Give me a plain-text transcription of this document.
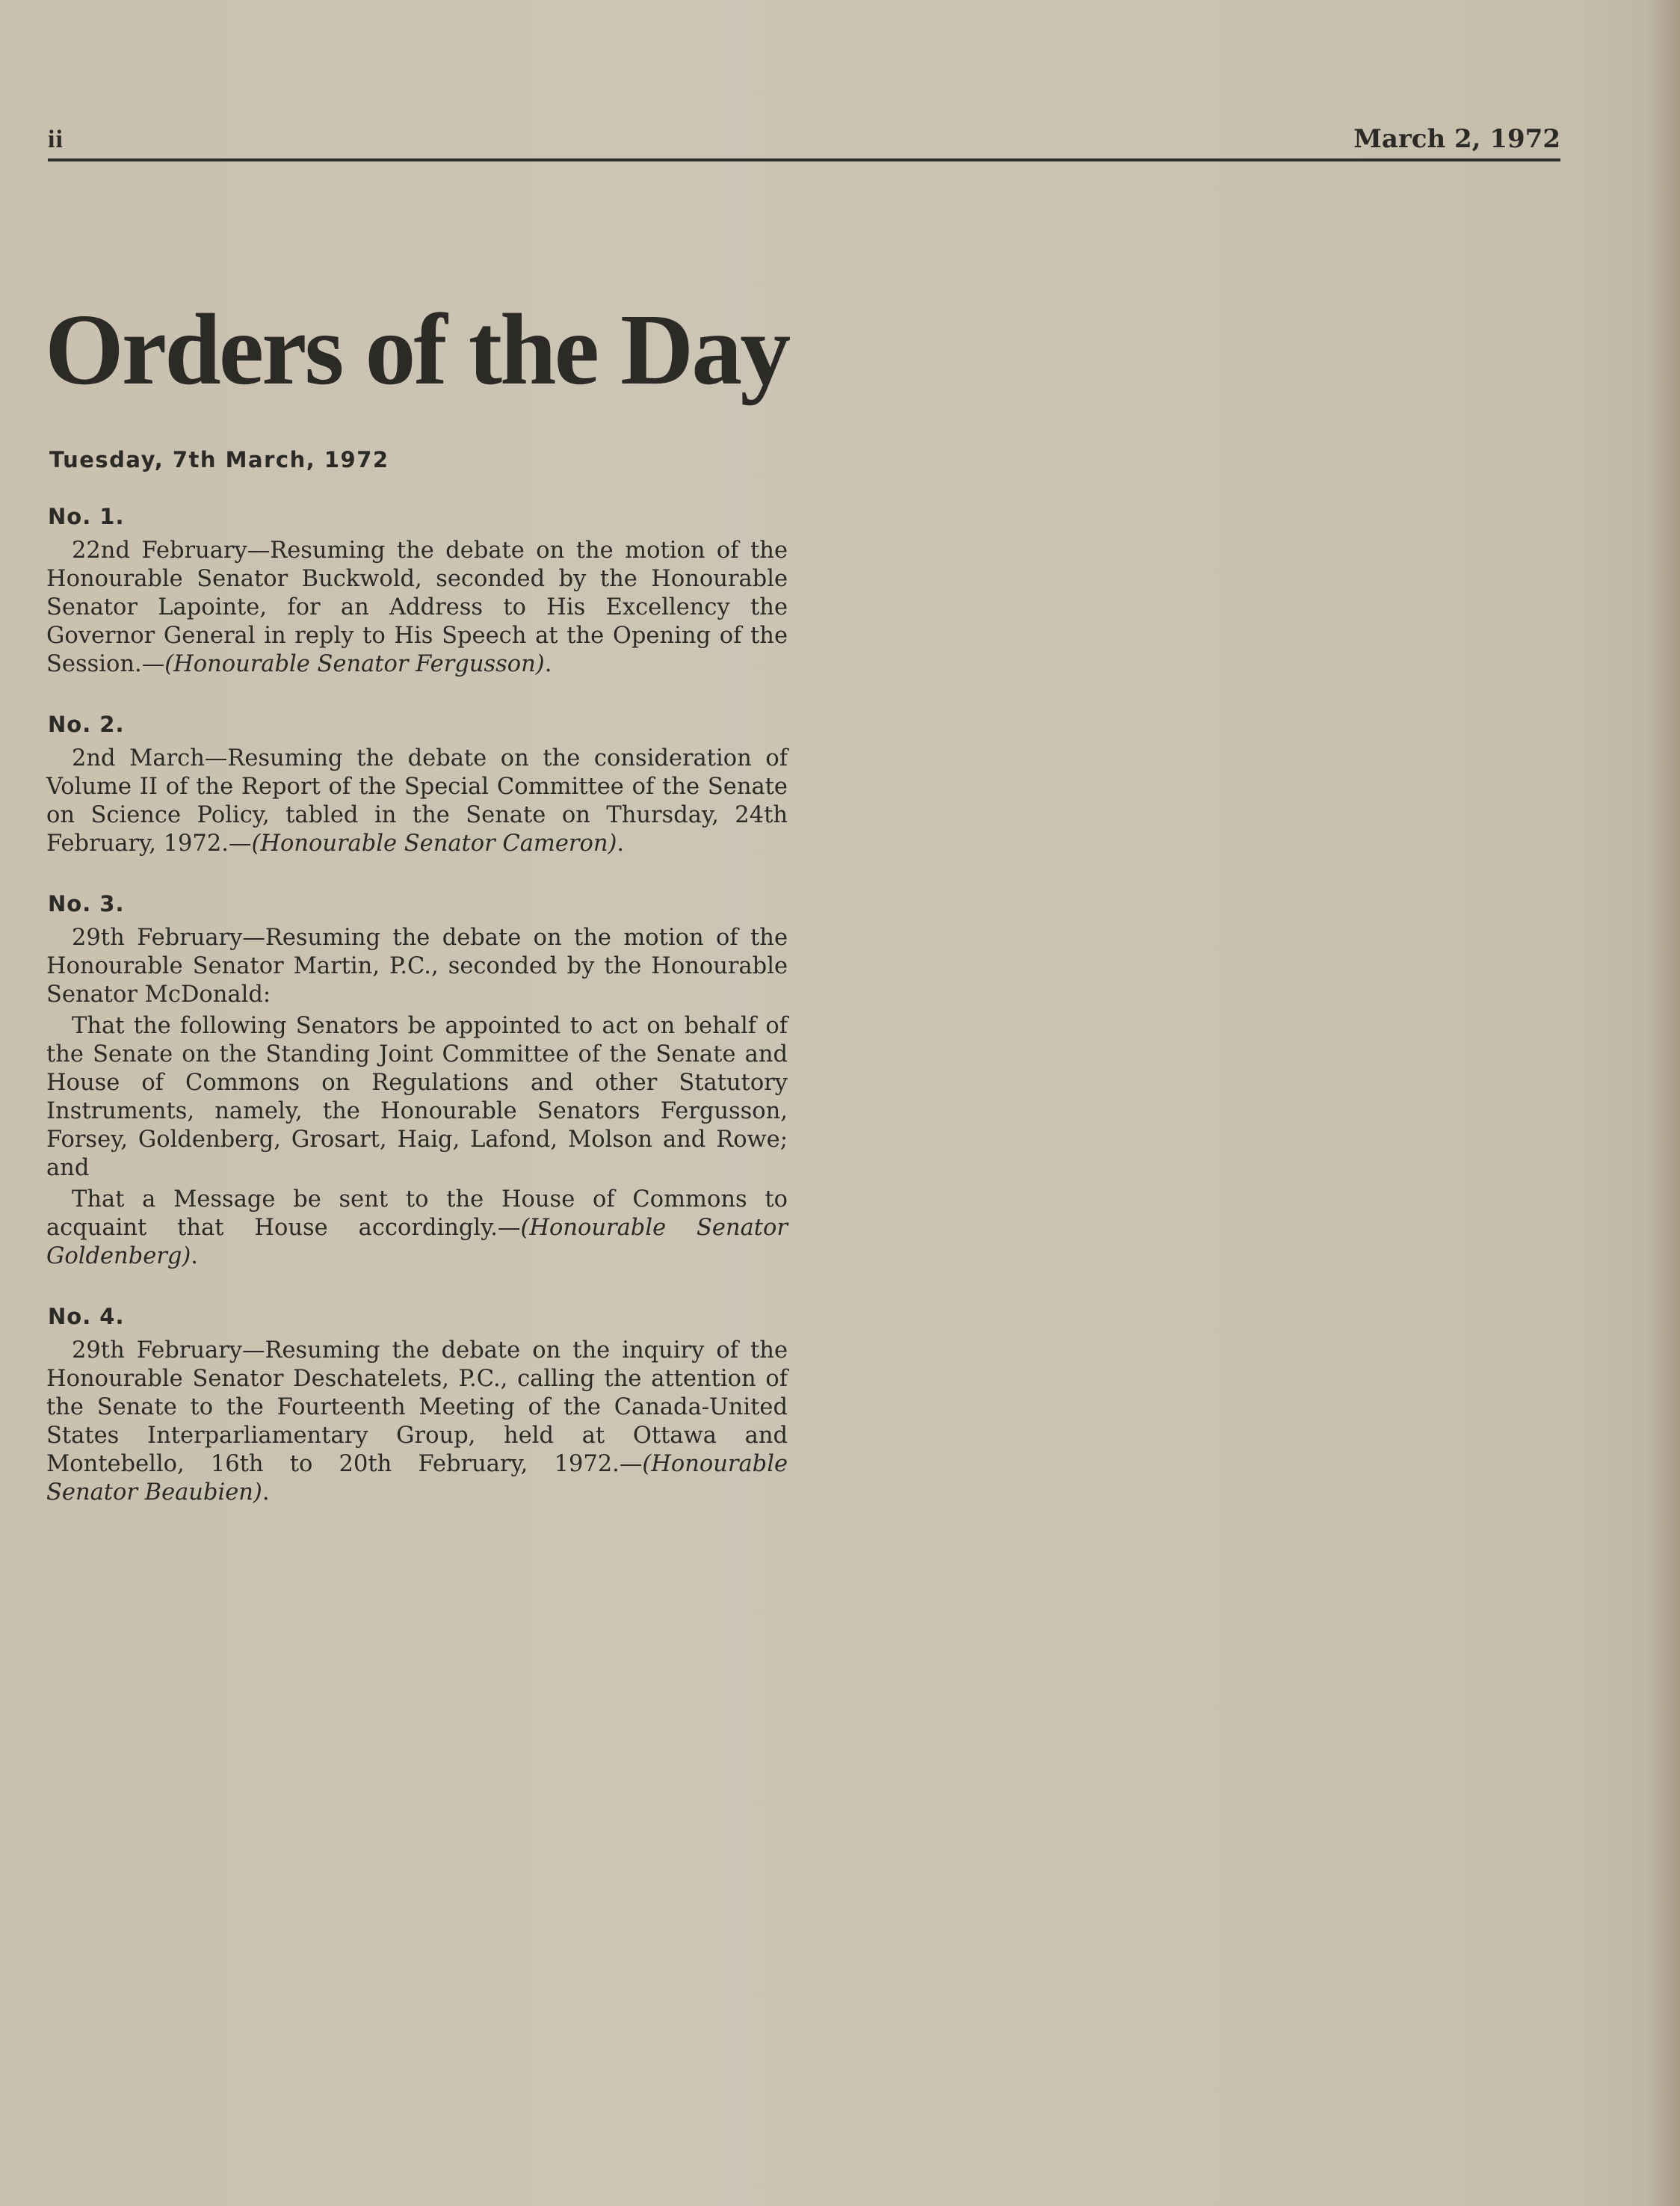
ii	March 2, 1972
Orders of the Day
Tuesday, 7th March, 1972
No. 1.

22nd February—Resuming the debate on the motion of the Honourable Senator Buckwold, seconded by the Honourable Senator Lapointe, for an Address to His Excellency the Governor General in reply to His Speech at the Opening of the Session.—(Honourable Senator Fergusson).

No. 2.

2nd March—Resuming the debate on the consideration of Volume II of the Report of the Special Committee of the Senate on Science Policy, tabled in the Senate on Thursday, 24th February, 1972.—(Honourable Senator Cameron).

No. 3.

29th February—Resuming the debate on the motion of the Honourable Senator Martin, P.C., seconded by the Honourable Senator McDonald:

That the following Senators be appointed to act on behalf of the Senate on the Standing Joint Committee of the Senate and House of Commons on Regulations and other Statutory Instruments, namely, the Honourable Senators Fergusson, Forsey, Goldenberg, Grosart, Haig, Lafond, Molson and Rowe; and

That a Message be sent to the House of Commons to acquaint that House accordingly.—(Honourable Senator Goldenberg).

No. 4.

29th February—Resuming the debate on the inquiry of the Honourable Senator Deschatelets, P.C., calling the attention of the Senate to the Fourteenth Meeting of the Canada-United States Interparliamentary Group, held at Ottawa and Montebello, 16th to 20th February, 1972.—(Honourable Senator Beaubien).
